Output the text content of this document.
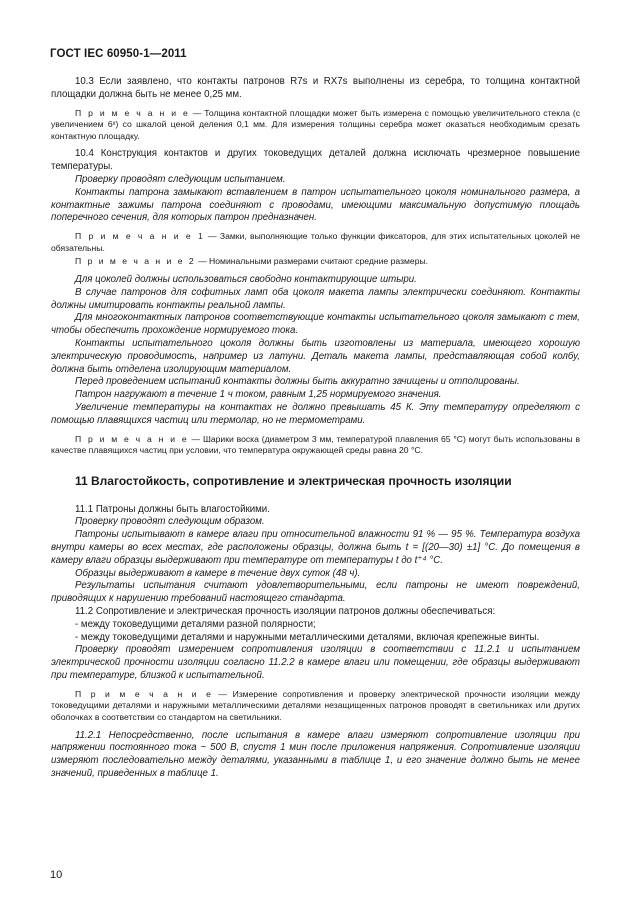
ГОСТ IEC 60950-1—2011

10.3 Если заявлено, что контакты патронов R7s и RX7s выполнены из серебра, то толщина контактной площадки должна быть не менее 0,25 мм.

П р и м е ч а н и е — Толщина контактной площадки может быть измерена с помощью увеличительного стекла (с увеличением 6ˣ) со шкалой ценой деления 0,1 мм. Для измерения толщины серебра может оказаться необходимым срезать контактную площадку.

10.4 Конструкция контактов и других токоведущих деталей должна исключать чрезмерное повышение температуры.

Проверку проводят следующим испытанием.

Контакты патрона замыкают вставлением в патрон испытательного цоколя номинального размера, а контактные зажимы патрона соединяют с проводами, имеющими максимальную допустимую площадь поперечного сечения, для которых патрон предназначен.

П р и м е ч а н и е 1 — Замки, выполняющие только функции фиксаторов, для этих испытательных цоколей не обязательны.

П р и м е ч а н и е 2 — Номинальными размерами считают средние размеры.

Для цоколей должны использоваться свободно контактирующие штыри.

В случае патронов для софитных ламп оба цоколя макета лампы электрически соединяют. Контакты должны имитировать контакты реальной лампы.

Для многоконтактных патронов соответствующие контакты испытательного цоколя замыкают с тем, чтобы обеспечить прохождение нормируемого тока.

Контакты испытательного цоколя должны быть изготовлены из материала, имеющего хорошую электрическую проводимость, например из латуни. Деталь макета лампы, представляющая собой колбу, должна быть отделена изолирующим материалом.

Перед проведением испытаний контакты должны быть аккуратно зачищены и отполированы.

Патрон нагружают в течение 1 ч током, равным 1,25 нормируемого значения.

Увеличение температуры на контактах не должно превышать 45 К. Эту температуру определяют с помощью плавящихся частиц или термолар, но не термометрами.

П р и м е ч а н и е — Шарики воска (диаметром 3 мм, температурой плавления 65 °С) могут быть использованы в качестве плавящихся частиц при условии, что температура окружающей среды равна 20 °С.

11 Влагостойкость, сопротивление и электрическая прочность изоляции

11.1 Патроны должны быть влагостойкими.

Проверку проводят следующим образом.

Патроны испытывают в камере влаги при относительной влажности 91 % — 95 %. Температура воздуха внутри камеры во всех местах, где расположены образцы, должна быть t = [(20—30) ±1] °С. До помещения в камеру влаги образцы выдерживают при температуре от температуры t до t⁺⁴ °С.

Образцы выдерживают в камере в течение двух суток (48 ч).

Результаты испытания считают удовлетворительными, если патроны не имеют повреждений, приводящих к нарушению требований настоящего стандарта.

11.2 Сопротивление и электрическая прочность изоляции патронов должны обеспечиваться:

- между токоведущими деталями разной полярности;

- между токоведущими деталями и наружными металлическими деталями, включая крепежные винты.

Проверку проводят измерением сопротивления изоляции в соответствии с 11.2.1 и испытанием электрической прочности изоляции согласно 11.2.2 в камере влаги или помещении, где образцы выдерживают при температуре, близкой к испытательной.

П р и м е ч а н и е — Измерение сопротивления и проверку электрической прочности изоляции между токоведущими деталями и наружными металлическими деталями незащищенных патронов проводят в светильниках или других оболочках в соответствии со стандартом на светильники.

11.2.1 Непосредственно, после испытания в камере влаги измеряют сопротивление изоляции при напряжении постоянного тока ~ 500 В, спустя 1 мин после приложения напряжения. Сопротивление изоляции измеряют последовательно между деталями, указанными в таблице 1, и его значение должно быть не менее значений, приведенных в таблице 1.

10
